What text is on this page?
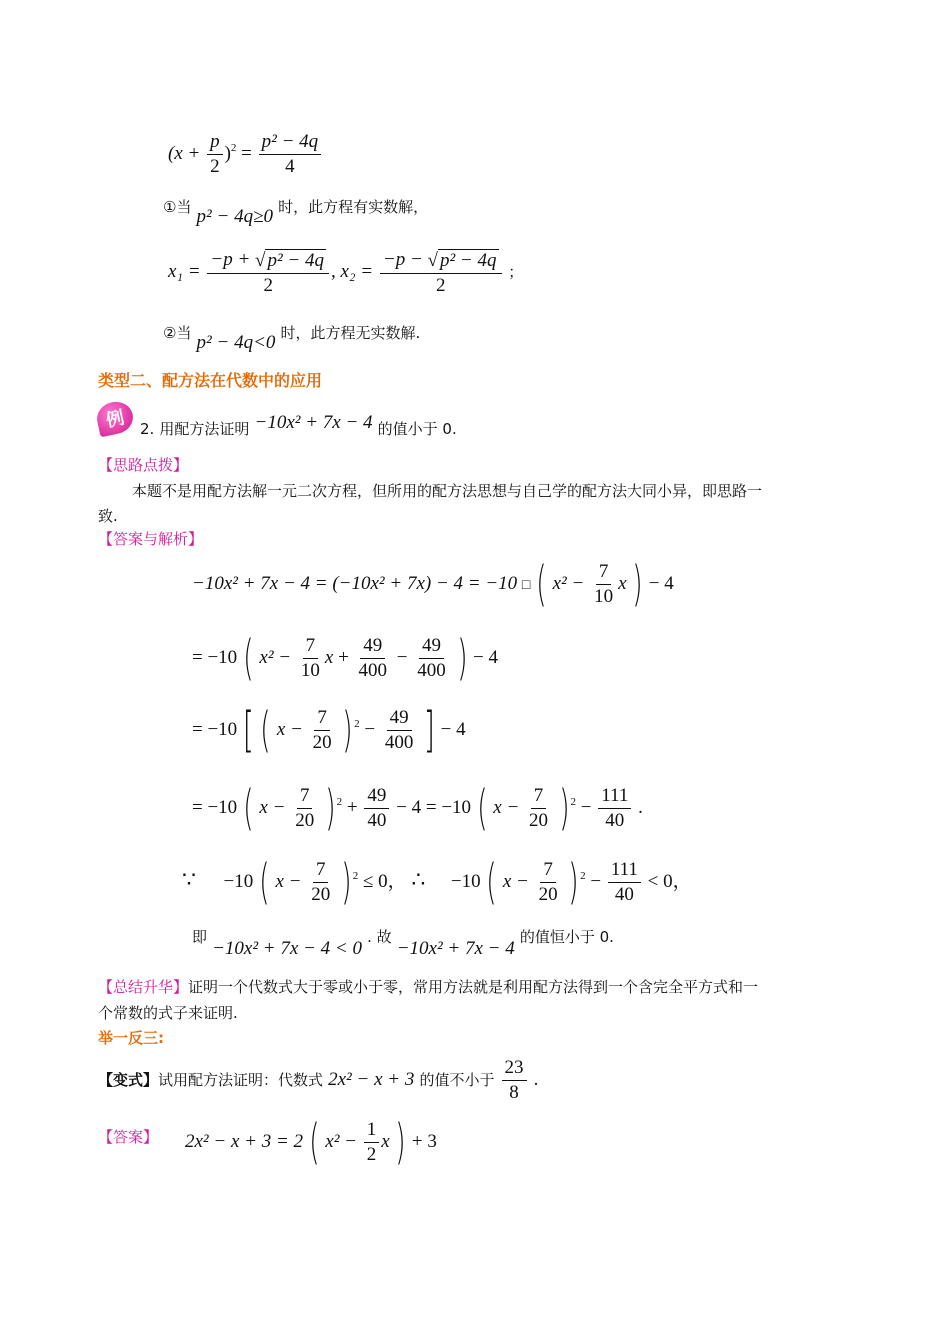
$(x + \frac{p}{2} )^2 = \frac{\text{p² − 4q}}{4}$
①当 p² − 4q≥0 时，此方程有实数解，
$x_1 = \frac{\text{−p + √ p² − 4q}}{2}$ , $x_2 = \frac{\text{−p − √ p² − 4q}}{2}$ ；
②当 p² − 4q<0 时，此方程无实数解.
类型二、配方法在代数中的应用
例 2. 用配方法证明 −10x² + 7x − 4 的值小于 0.
【思路点拨】
本题不是用配方法解一元二次方程，但所用的配方法思想与自己学的配方法大同小异，即思路一
致.
【答案与解析】
−10x² + 7x − 4 = (−10x² + 7x) − 4 = −10 □ ( $x^2 - \frac{7}{10}$ x ) − 4
= −10 ( $x^2 - \frac{7}{10}$ $x + \frac{49}{400} - \frac{49}{400}$ ) − 4
= −10 [ ( $x - \frac{7}{20} )^2 - \frac{49}{400}$ ] − 4
= −10 ( $x - \frac{7}{20} )^2 + \frac{49}{40} - 4 = -10$ ( $x - \frac{7}{20} )^2 - \frac{111}{40}$ .
∵ −10 ( $x - \frac{7}{20} )^2 \le 0$， ∴ −10 ( $x - \frac{7}{20} )^2 - \frac{111}{40} < 0$，
即 −10x² + 7x − 4 < 0 . 故 −10x² + 7x − 4 的值恒小于 0.
【总结升华】证明一个代数式大于零或小于零，常用方法就是利用配方法得到一个含完全平方式和一
个常数的式子来证明.
举一反三:
【变式】试用配方法证明：代数式 2x² − x + 3 的值不小于 $\frac{23}{8}$ .
【答案】 2x² − x + 3 = 2 ( $x^2 - \frac{1}{2}$ x ) + 3
